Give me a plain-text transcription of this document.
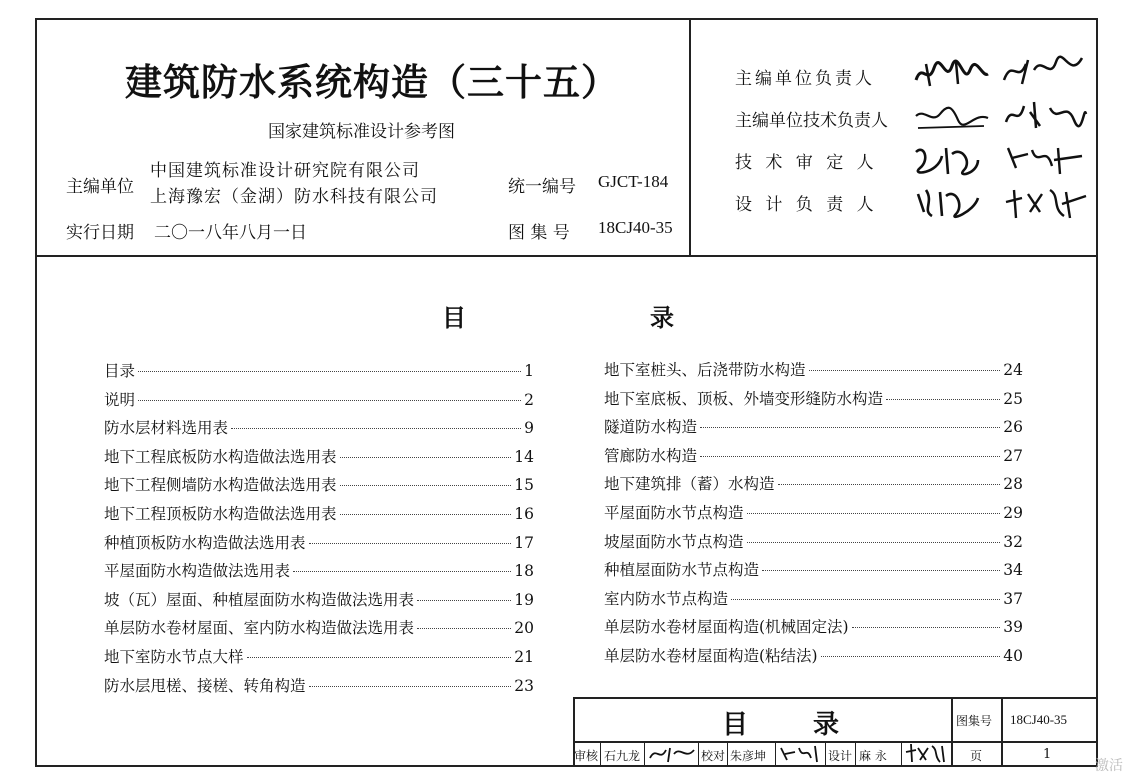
建筑防水系统构造（三十五）
国家建筑标准设计参考图
主编单位
中国建筑标准设计研究院有限公司
上海豫宏（金湖）防水科技有限公司	统一编号 GJCT-184
实行日期 二〇一八年八月一日	图 集 号 18CJ40-35
主编单位负责人
主编单位技术负责人
技 术 审 定 人
设 计 负 责 人
目	录
目录	1
说明	2
防水层材料选用表	9
地下工程底板防水构造做法选用表	14
地下工程侧墙防水构造做法选用表	15
地下工程顶板防水构造做法选用表	16
种植顶板防水构造做法选用表	17
平屋面防水构造做法选用表	18
坡（瓦）屋面、种植屋面防水构造做法选用表	19
单层防水卷材屋面、室内防水构造做法选用表	20
地下室防水节点大样	21
防水层甩槎、接槎、转角构造	23
地下室桩头、后浇带防水构造	24
地下室底板、顶板、外墙变形缝防水构造	25
隧道防水构造	26
管廊防水构造	27
地下建筑排（蓄）水构造	28
平屋面防水节点构造	29
坡屋面防水节点构造	32
种植屋面防水节点构造	34
室内防水节点构造	37
单层防水卷材屋面构造(机械固定法)	39
单层防水卷材屋面构造(粘结法)	40
目 录	图集号 18CJ40-35
审核 石九龙	校对 朱彦坤	设计 麻 永	页	1
激活
